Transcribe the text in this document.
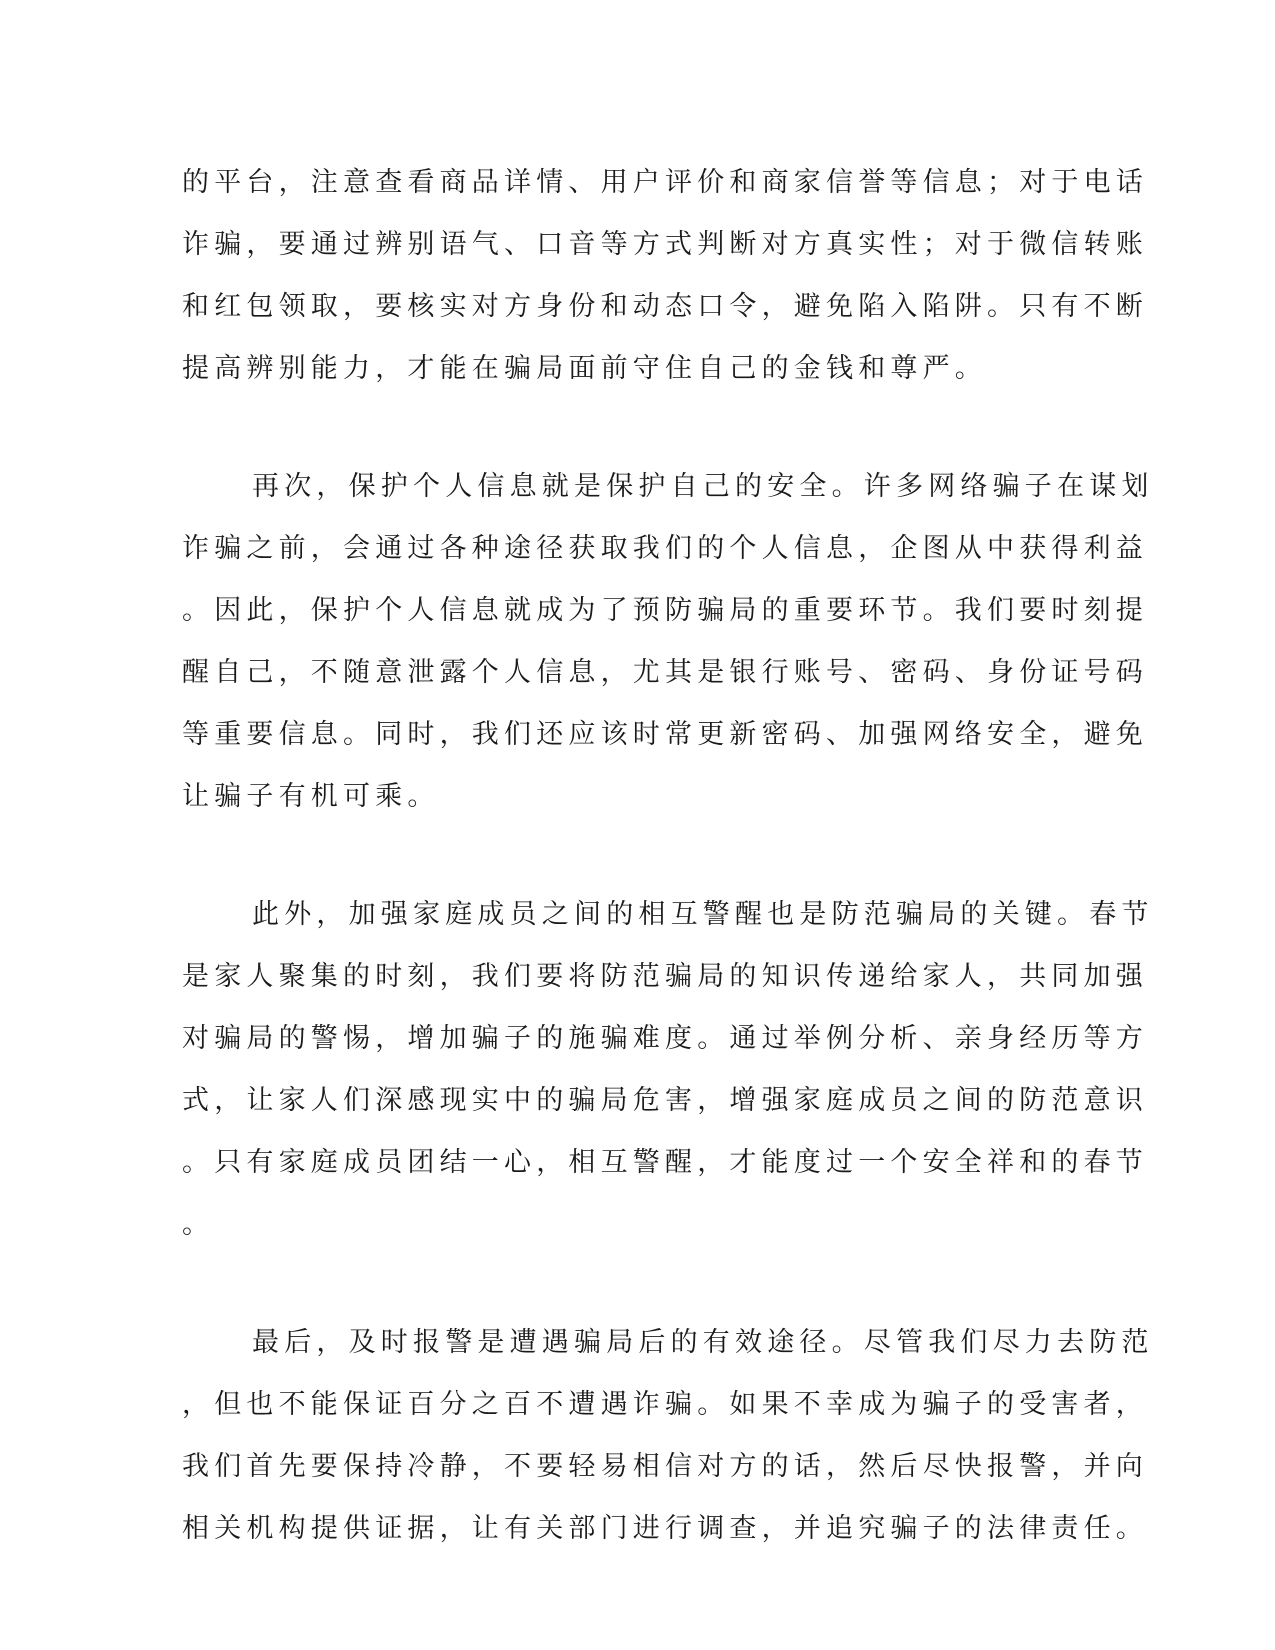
的平台，注意查看商品详情、用户评价和商家信誉等信息；对于电话
诈骗，要通过辨别语气、口音等方式判断对方真实性；对于微信转账
和红包领取，要核实对方身份和动态口令，避免陷入陷阱。只有不断
提高辨别能力，才能在骗局面前守住自己的金钱和尊严。
再次，保护个人信息就是保护自己的安全。许多网络骗子在谋划
诈骗之前，会通过各种途径获取我们的个人信息，企图从中获得利益
。因此，保护个人信息就成为了预防骗局的重要环节。我们要时刻提
醒自己，不随意泄露个人信息，尤其是银行账号、密码、身份证号码
等重要信息。同时，我们还应该时常更新密码、加强网络安全，避免
让骗子有机可乘。
此外，加强家庭成员之间的相互警醒也是防范骗局的关键。春节
是家人聚集的时刻，我们要将防范骗局的知识传递给家人，共同加强
对骗局的警惕，增加骗子的施骗难度。通过举例分析、亲身经历等方
式，让家人们深感现实中的骗局危害，增强家庭成员之间的防范意识
。只有家庭成员团结一心，相互警醒，才能度过一个安全祥和的春节
。
最后，及时报警是遭遇骗局后的有效途径。尽管我们尽力去防范
，但也不能保证百分之百不遭遇诈骗。如果不幸成为骗子的受害者，
我们首先要保持冷静，不要轻易相信对方的话，然后尽快报警，并向
相关机构提供证据，让有关部门进行调查，并追究骗子的法律责任。
